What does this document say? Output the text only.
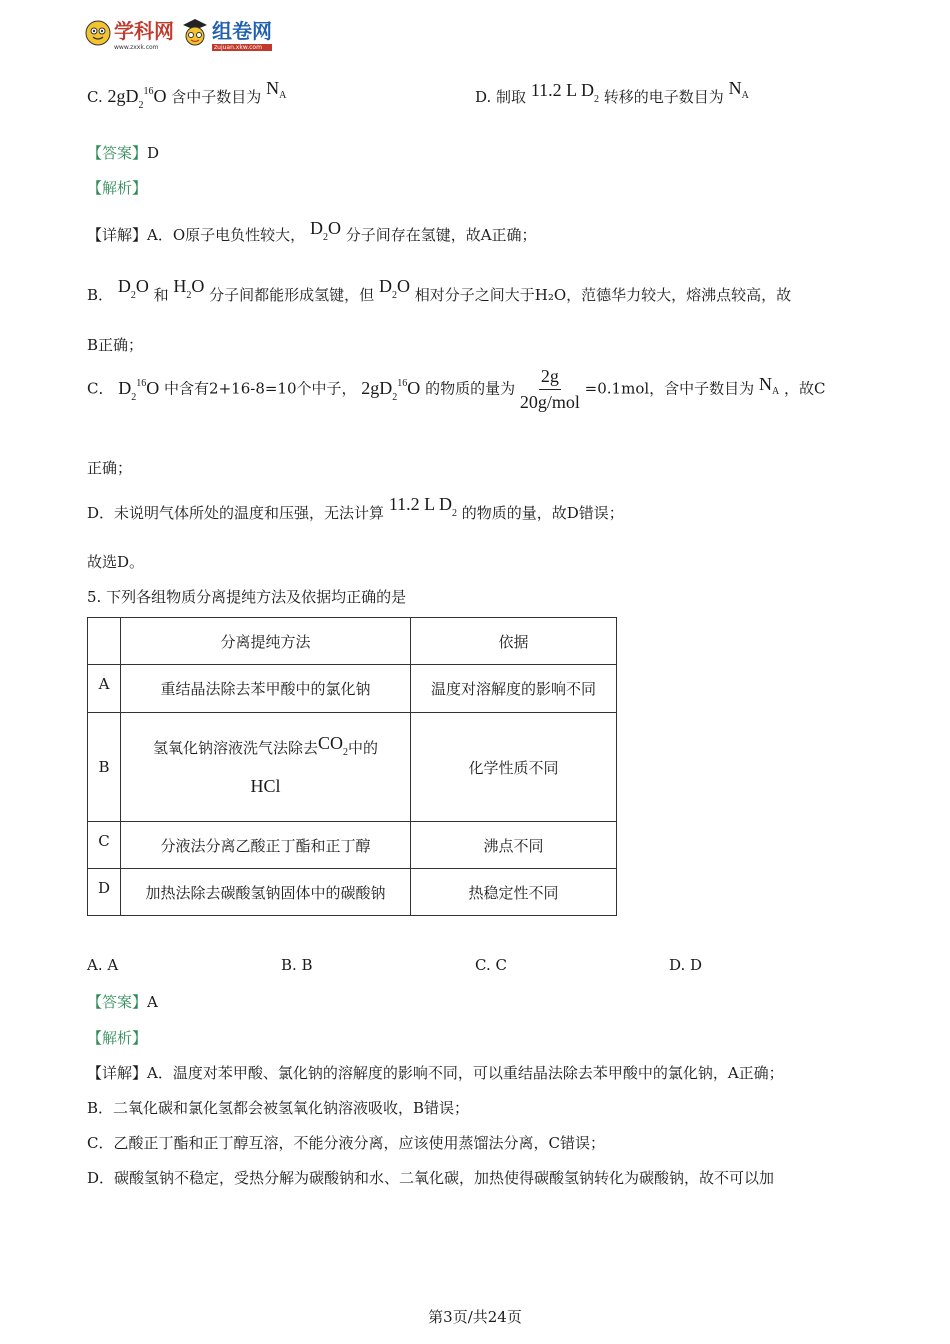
学科网
www.zxxk.com
组卷网
zujuan.xkw.com
C. $2gD_2^{16}O$ 含中子数目为 $N_A$	D. 制取 11.2 L $D_2$ 转移的电子数目为 $N_A$
【答案】D
【解析】
【详解】A．O原子电负性较大， $D_2O$ 分子间存在氢键，故A正确；
B． $D_2O$ 和 $H_2O$ 分子间都能形成氢键，但 $D_2O$ 相对分子之间大于H₂O，范德华力较大，熔沸点较高，故
B正确；
C． $D_2^{16}O$ 中含有2+16-8=10个中子， $2gD_2^{16}O$ 的物质的量为 $\frac{2g}{\text{20g/mol}} =0.1mol$，含中子数目为 $N_A$ ，故C
正确；
D．未说明气体所处的温度和压强，无法计算 11.2 L $D_2$ 的物质的量，故D错误；
故选D。
5. 下列各组物质分离提纯方法及依据均正确的是
	分离提纯方法	依据
A	重结晶法除去苯甲酸中的氯化钠	温度对溶解度的影响不同
B	氢氧化钠溶液洗气法除去$CO_2$中的
HCl	化学性质不同
C	分液法分离乙酸正丁酯和正丁醇	沸点不同
D	加热法除去碳酸氢钠固体中的碳酸钠	热稳定性不同
A. A	B. B	C. C	D. D
【答案】A
【解析】
【详解】A．温度对苯甲酸、氯化钠的溶解度的影响不同，可以重结晶法除去苯甲酸中的氯化钠，A正确；
B．二氧化碳和氯化氢都会被氢氧化钠溶液吸收，B错误；
C．乙酸正丁酯和正丁醇互溶，不能分液分离，应该使用蒸馏法分离，C错误；
D．碳酸氢钠不稳定，受热分解为碳酸钠和水、二氧化碳，加热使得碳酸氢钠转化为碳酸钠，故不可以加
第3页/共24页
